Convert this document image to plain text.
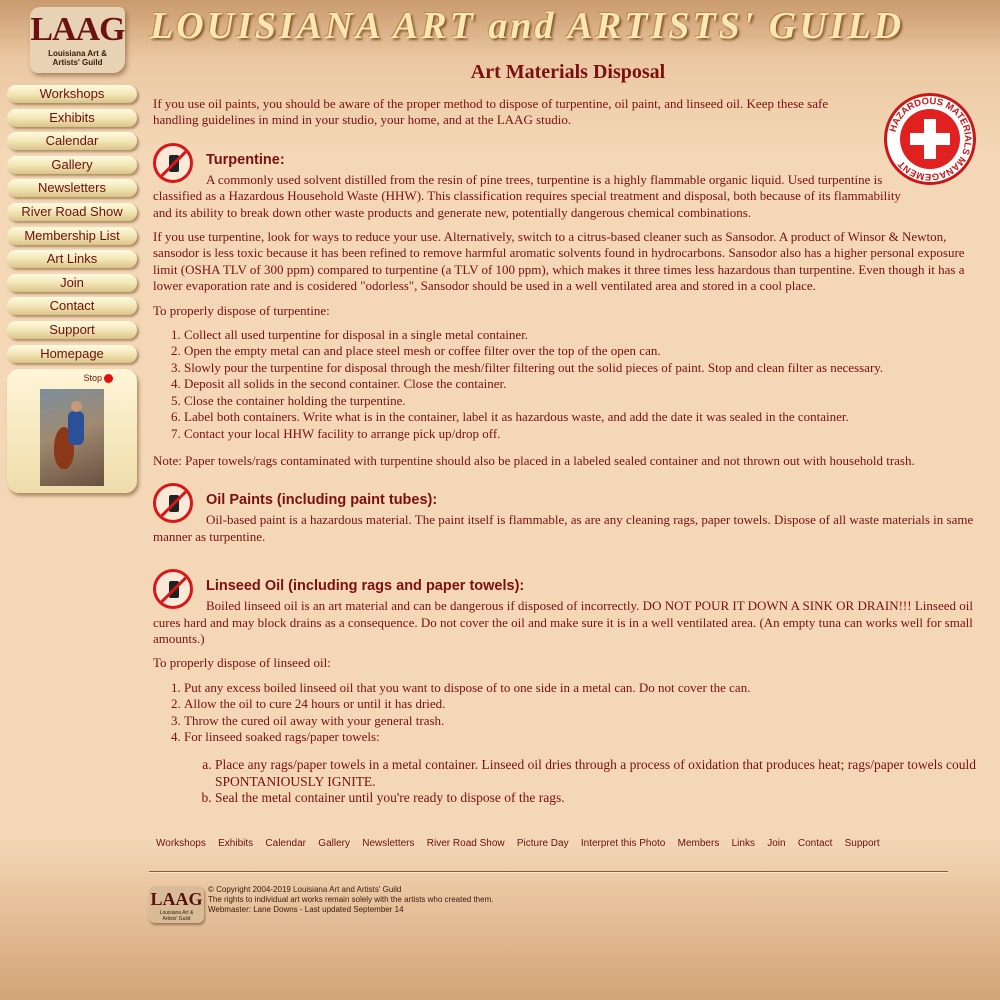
LAAG
Louisiana Art &
Artists' Guild
LOUISIANA ART and ARTISTS' GUILD
Workshops
Exhibits
Calendar
Gallery
Newsletters
River Road Show
Membership List
Art Links
Join
Contact
Support
Homepage
Stop
Art Materials Disposal
HAZARDOUS MATERIALS MANAGEMENT

If you use oil paints, you should be aware of the proper method to dispose of turpentine, oil paint, and linseed oil. Keep these safe handling guidelines in mind in your studio, your home, and at the LAAG studio.

Turpentine:

A commonly used solvent distilled from the resin of pine trees, turpentine is a highly flammable organic liquid. Used turpentine is classified as a Hazardous Household Waste (HHW). This classification requires special treatment and disposal, both because of its flammability and its ability to break down other waste products and generate new, potentially dangerous chemical combinations.

If you use turpentine, look for ways to reduce your use. Alternatively, switch to a citrus-based cleaner such as Sansodor. A product of Winsor & Newton, sansodor is less toxic because it has been refined to remove harmful aromatic solvents found in hydrocarbons. Sansodor also has a higher personal exposure limit (OSHA TLV of 300 ppm) compared to turpentine (a TLV of 100 ppm), which makes it three times less hazardous than turpentine. Even though it has a lower evaporation rate and is cosidered "odorless", Sansodor should be used in a well ventilated area and stored in a cool place.

To properly dispose of turpentine:

1. Collect all used turpentine for disposal in a single metal container.
2. Open the empty metal can and place steel mesh or coffee filter over the top of the open can.
3. Slowly pour the turpentine for disposal through the mesh/filter filtering out the solid pieces of paint. Stop and clean filter as necessary.
4. Deposit all solids in the second container. Close the container.
5. Close the container holding the turpentine.
6. Label both containers. Write what is in the container, label it as hazardous waste, and add the date it was sealed in the container.
7. Contact your local HHW facility to arrange pick up/drop off.

Note: Paper towels/rags contaminated with turpentine should also be placed in a labeled sealed container and not thrown out with household trash.

Oil Paints (including paint tubes):

Oil-based paint is a hazardous material. The paint itself is flammable, as are any cleaning rags, paper towels. Dispose of all waste materials in same manner as turpentine.

Linseed Oil (including rags and paper towels):

Boiled linseed oil is an art material and can be dangerous if disposed of incorrectly. DO NOT POUR IT DOWN A SINK OR DRAIN!!! Linseed oil cures hard and may block drains as a consequence. Do not cover the oil and make sure it is in a well ventilated area. (An empty tuna can works well for small amounts.)

To properly dispose of linseed oil:

1. Put any excess boiled linseed oil that you want to dispose of to one side in a metal can. Do not cover the can.
2. Allow the oil to cure 24 hours or until it has dried.
3. Throw the cured oil away with your general trash.
4. For linseed soaked rags/paper towels:
a. Place any rags/paper towels in a metal container. Linseed oil dries through a process of oxidation that produces heat; rags/paper towels could SPONTANIOUSLY IGNITE.
b. Seal the metal container until you're ready to dispose of the rags.
Workshops Exhibits Calendar Gallery Newsletters River Road Show Picture Day Interpret this Photo Members Links Join Contact Support
LAAG
Louisiana Art &
Artists' Guild
© Copyright 2004-2019 Louisiana Art and Artists' Guild
The rights to individual art works remain solely with the artists who created them.
Webmaster: Lane Downs - Last updated September 14
